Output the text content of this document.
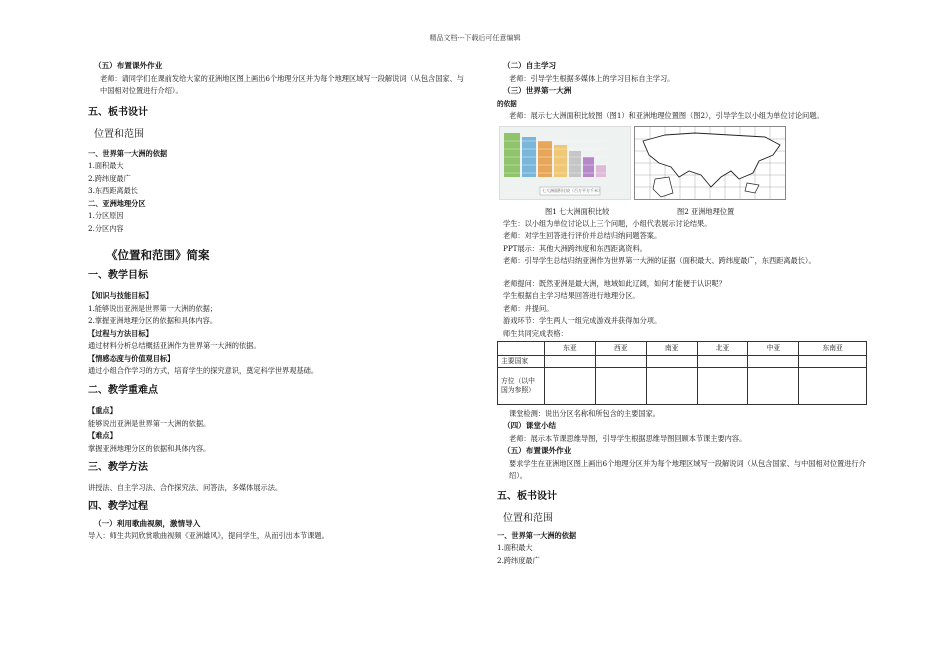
精品文档---下载后可任意编辑

（五）布置课外作业

老师：请同学们在课前发给大家的亚洲地区图上画出6个地理分区并为每个地理区域写一段解说词（从包含国家、与中国相对位置进行介绍）。

五、板书设计

位置和范围

一、世界第一大洲的依据

1.面积最大

2.跨纬度最广

3.东西距离最长

二、亚洲地理分区

1.分区原因

2.分区内容

《位置和范围》简案

一、教学目标

【知识与技能目标】

1.能够说出亚洲是世界第一大洲的依据；

2.掌握亚洲地理分区的依据和具体内容。

【过程与方法目标】

通过材料分析总结概括亚洲作为世界第一大洲的依据。

【情感态度与价值观目标】

通过小组合作学习的方式，培育学生的探究意识，奠定科学世界观基础。

二、教学重难点

【重点】

能够说出亚洲是世界第一大洲的依据。

【难点】

掌握亚洲地理分区的依据和具体内容。

三、教学方法

讲授法、自主学习法、合作探究法、问答法，多媒体展示法。

四、教学过程

（一）利用歌曲视频，激情导入

导入：师生共同欣赏歌曲视频《亚洲雄风》，提问学生，从而引出本节课题。

（二）自主学习

老师：引导学生根据多媒体上的学习目标自主学习。

（三）世界第一大洲

的依据

老师：展示七大洲面积比较图（图1）和亚洲地理位置图（图2），引导学生以小组为单位讨论问题。

七大洲面积比较（百万平方千米）
图1 七大洲面积比较	图2 亚洲地理位置

学生：以小组为单位讨论以上三个问题，小组代表展示讨论结果。

老师：对学生回答进行评价并总结归纳问题答案。

PPT展示：其他大洲跨纬度和东西距离资料。

老师：引导学生总结归纳亚洲作为世界第一大洲的证据（面积最大、跨纬度最广，东西距离最长）。

老师提问：既然亚洲是最大洲，地域如此辽阔，如何才能便于认识呢？

学生根据自主学习结果回答进行地理分区。

老师：并提问。

游戏环节：学生两人一组完成游戏并获得加分项。

师生共同完成表格：

	东亚	西亚	南亚	北亚	中亚	东南亚
主要国家						
方位（以中国为参照）						

课堂检测：说出分区名称和所包含的主要国家。

（四）课堂小结

老师：展示本节课思维导图，引导学生根据思维导图回顾本节课主要内容。

（五）布置课外作业

要求学生在亚洲地区图上画出6个地理分区并为每个地理区域写一段解说词（从包含国家、与中国相对位置进行介绍）。

五、板书设计

位置和范围

一、世界第一大洲的依据

1.面积最大

2.跨纬度最广
